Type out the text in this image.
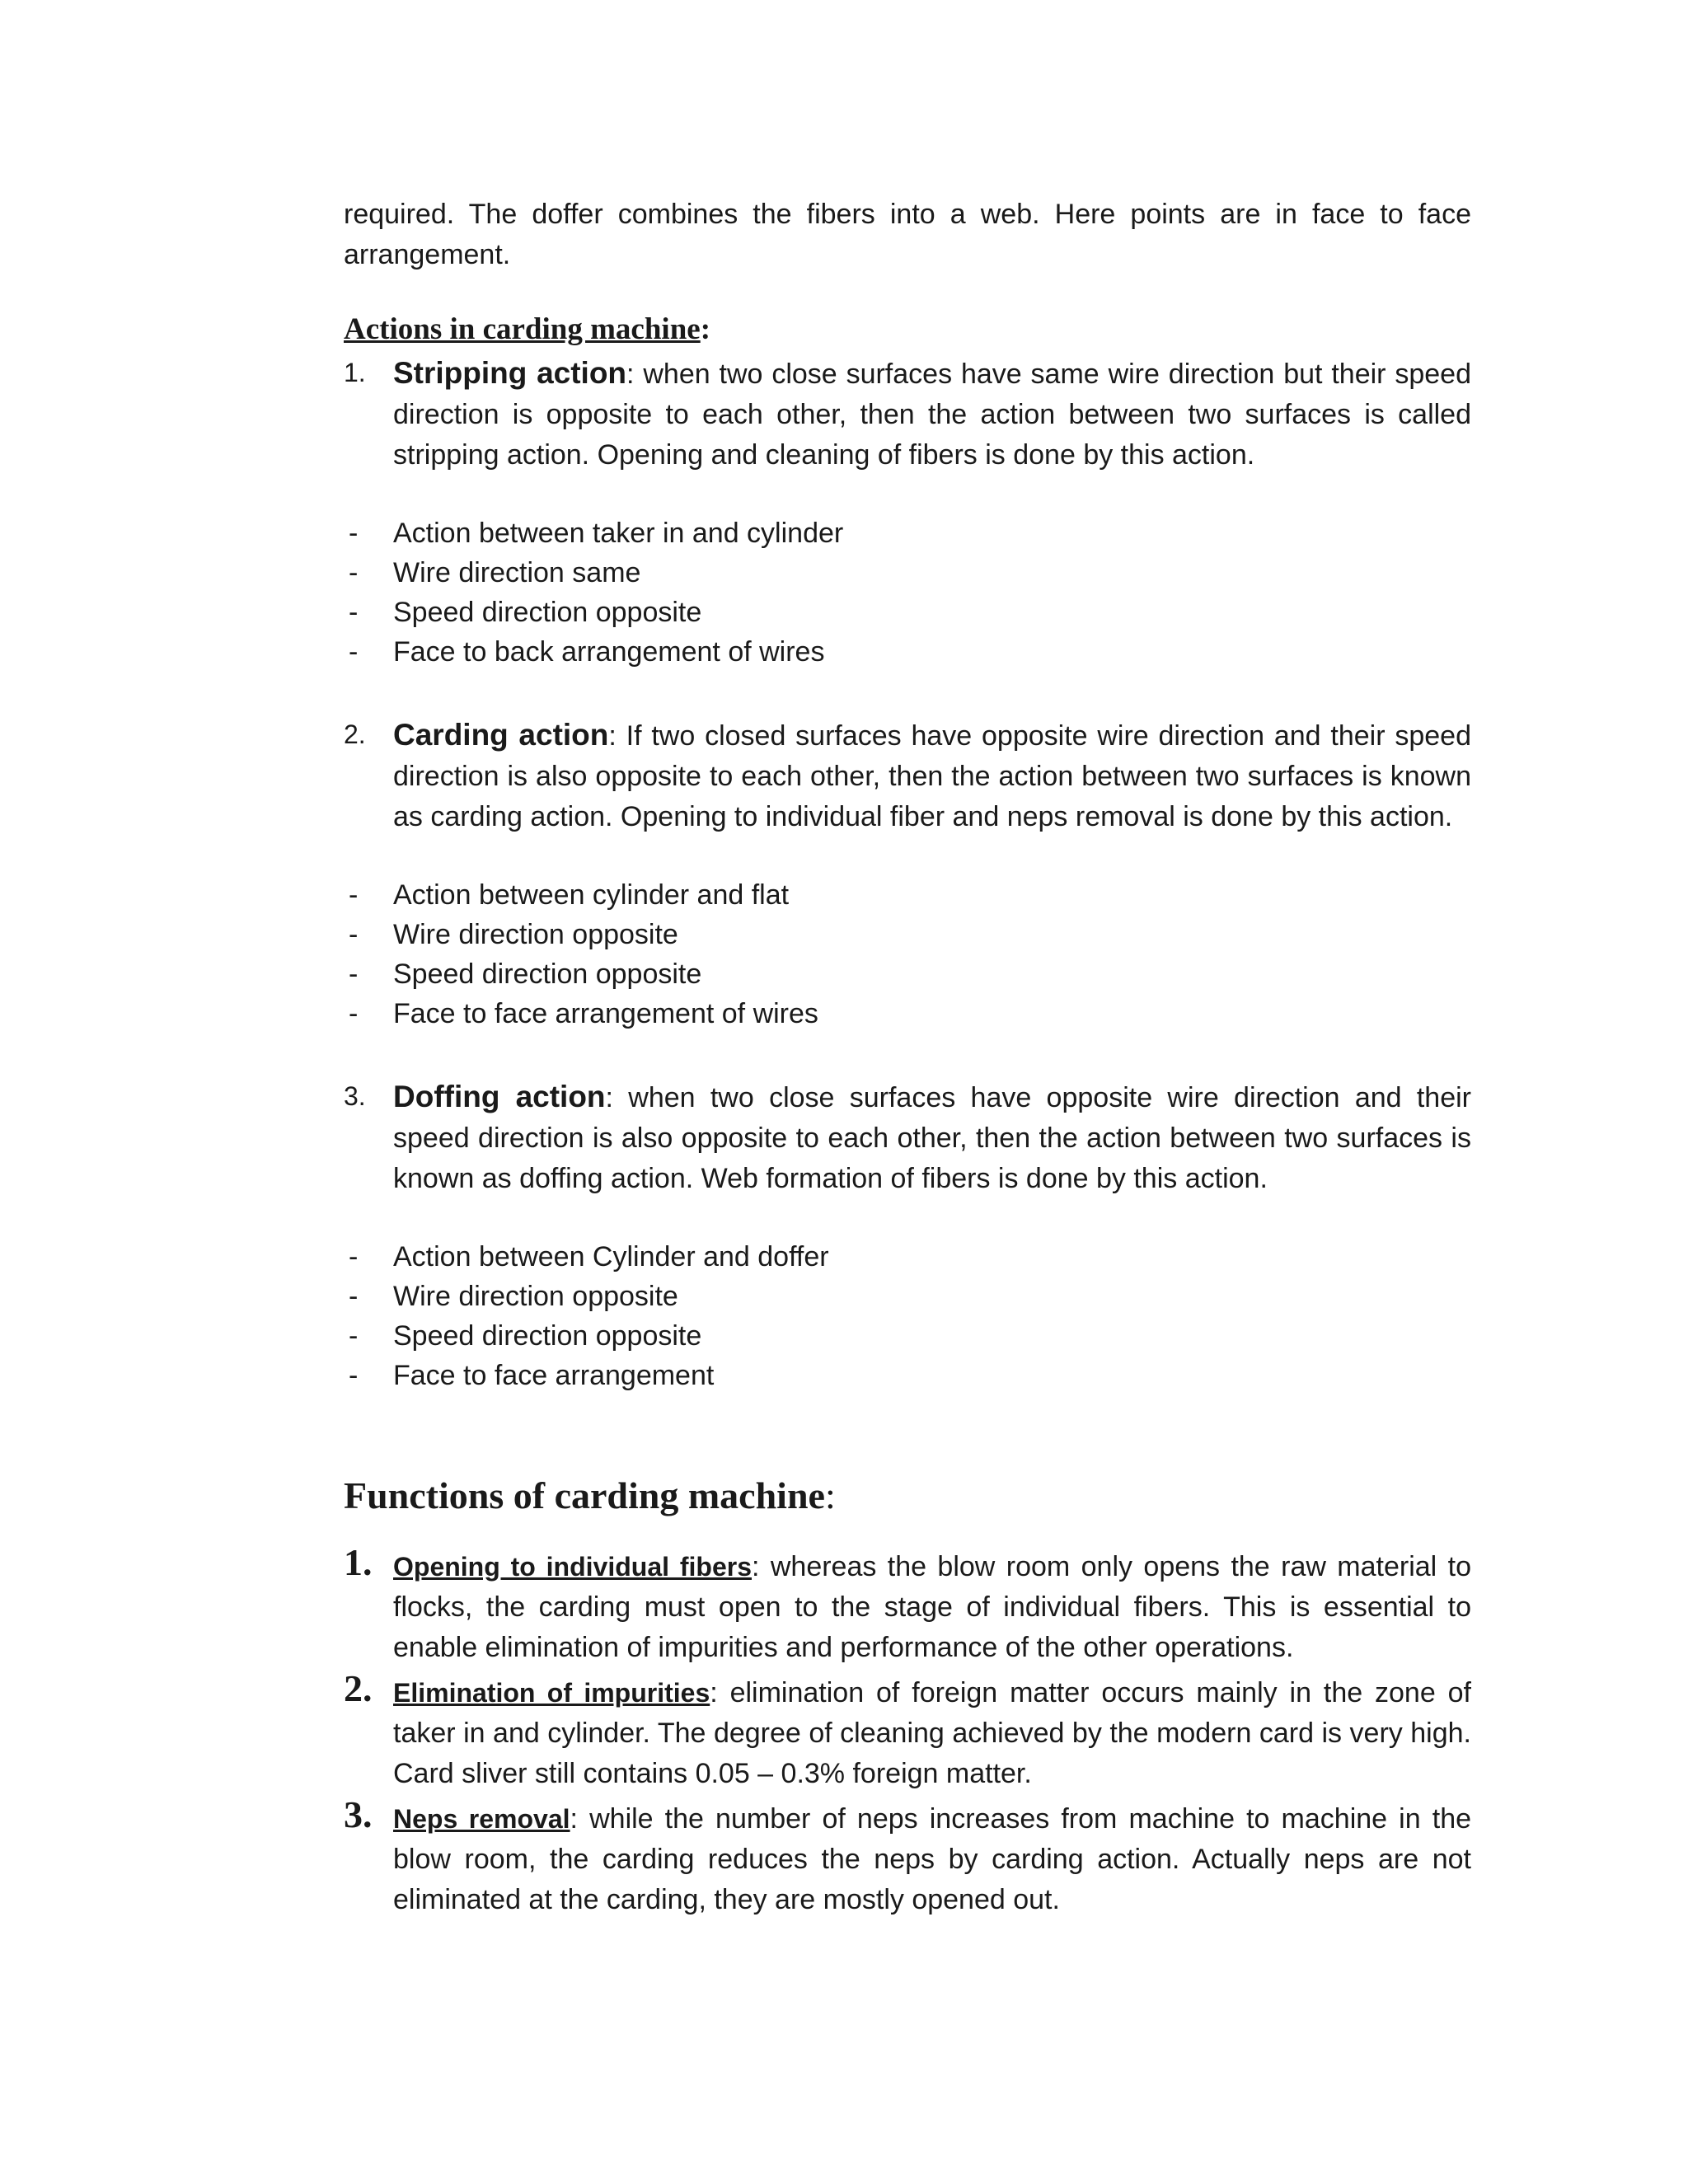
required. The doffer combines the fibers into a web. Here points are in face to face arrangement.

Actions in carding machine:
1. Stripping action: when two close surfaces have same wire direction but their speed direction is opposite to each other, then the action between two surfaces is called stripping action. Opening and cleaning of fibers is done by this action.
- Action between taker in and cylinder
- Wire direction same
- Speed direction opposite
- Face to back arrangement of wires
2. Carding action: If two closed surfaces have opposite wire direction and their speed direction is also opposite to each other, then the action between two surfaces is known as carding action. Opening to individual fiber and neps removal is done by this action.
- Action between cylinder and flat
- Wire direction opposite
- Speed direction opposite
- Face to face arrangement of wires
3. Doffing action: when two close surfaces have opposite wire direction and their speed direction is also opposite to each other, then the action between two surfaces is known as doffing action. Web formation of fibers is done by this action.
- Action between Cylinder and doffer
- Wire direction opposite
- Speed direction opposite
- Face to face arrangement
Functions of carding machine:
1. Opening to individual fibers: whereas the blow room only opens the raw material to flocks, the carding must open to the stage of individual fibers. This is essential to enable elimination of impurities and performance of the other operations.
2. Elimination of impurities: elimination of foreign matter occurs mainly in the zone of taker in and cylinder. The degree of cleaning achieved by the modern card is very high. Card sliver still contains 0.05 – 0.3% foreign matter.
3. Neps removal: while the number of neps increases from machine to machine in the blow room, the carding reduces the neps by carding action. Actually neps are not eliminated at the carding, they are mostly opened out.
